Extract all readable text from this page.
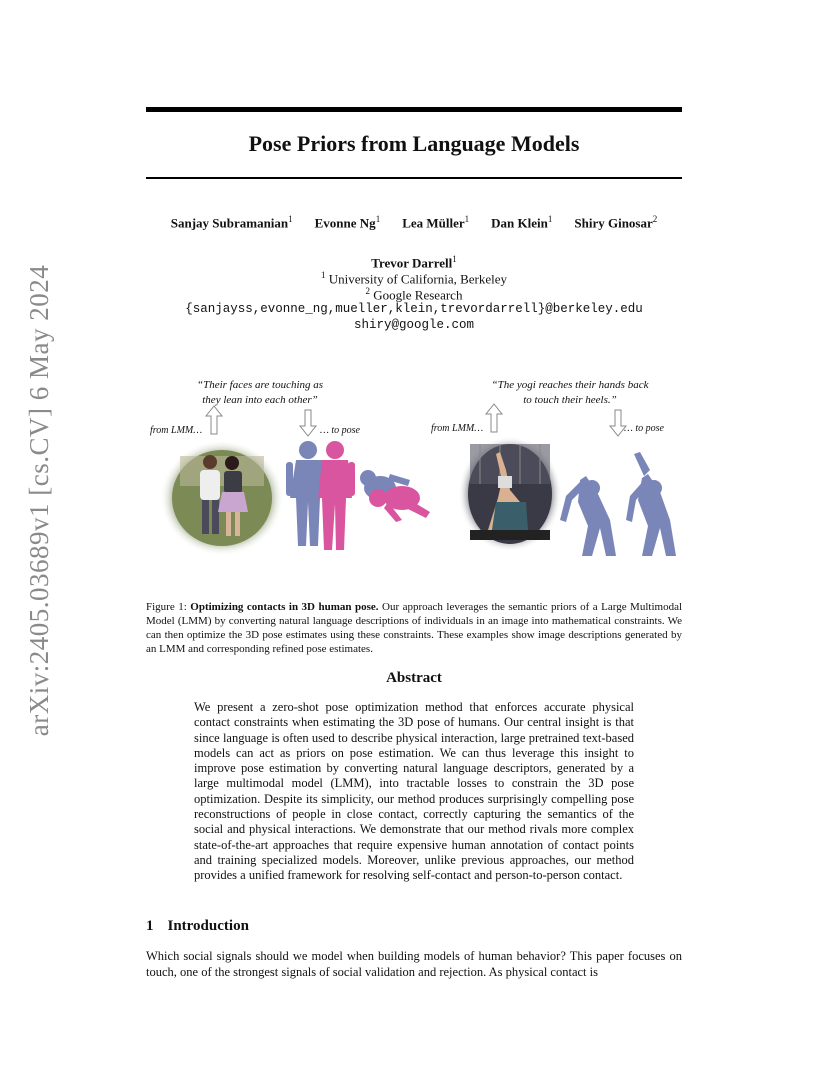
arXiv:2405.03689v1 [cs.CV] 6 May 2024
Pose Priors from Language Models
Sanjay Subramanian$^1$ Evonne Ng$^1$ Lea Müller$^1$ Dan Klein$^1$ Shiry Ginosar$^2$
Trevor Darrell$^1$
$^1$ University of California, Berkeley
$^2$ Google Research
{sanjayss,evonne_ng,mueller,klein,trevordarrell}@berkeley.edu
shiry@google.com
“Their faces are touching as
they lean into each other”
“The yogi reaches their hands back
to touch their heels.”
from LMM…	… to pose	from LMM…	… to pose
Figure 1: Optimizing contacts in 3D human pose. Our approach leverages the semantic priors of a Large Multimodal Model (LMM) by converting natural language descriptions of individuals in an image into mathematical constraints. We can then optimize the 3D pose estimates using these constraints. These examples show image descriptions generated by an LMM and corresponding refined pose estimates.
Abstract
We present a zero-shot pose optimization method that enforces accurate physical contact constraints when estimating the 3D pose of humans. Our central insight is that since language is often used to describe physical interaction, large pretrained text-based models can act as priors on pose estimation. We can thus leverage this insight to improve pose estimation by converting natural language descriptors, generated by a large multimodal model (LMM), into tractable losses to constrain the 3D pose optimization. Despite its simplicity, our method produces surprisingly compelling pose reconstructions of people in close contact, correctly capturing the semantics of the social and physical interactions. We demonstrate that our method rivals more complex state-of-the-art approaches that require expensive human annotation of contact points and training specialized models. Moreover, unlike previous approaches, our method provides a unified framework for resolving self-contact and person-to-person contact.
1 Introduction
Which social signals should we model when building models of human behavior? This paper focuses on touch, one of the strongest signals of social validation and rejection. As physical contact is
